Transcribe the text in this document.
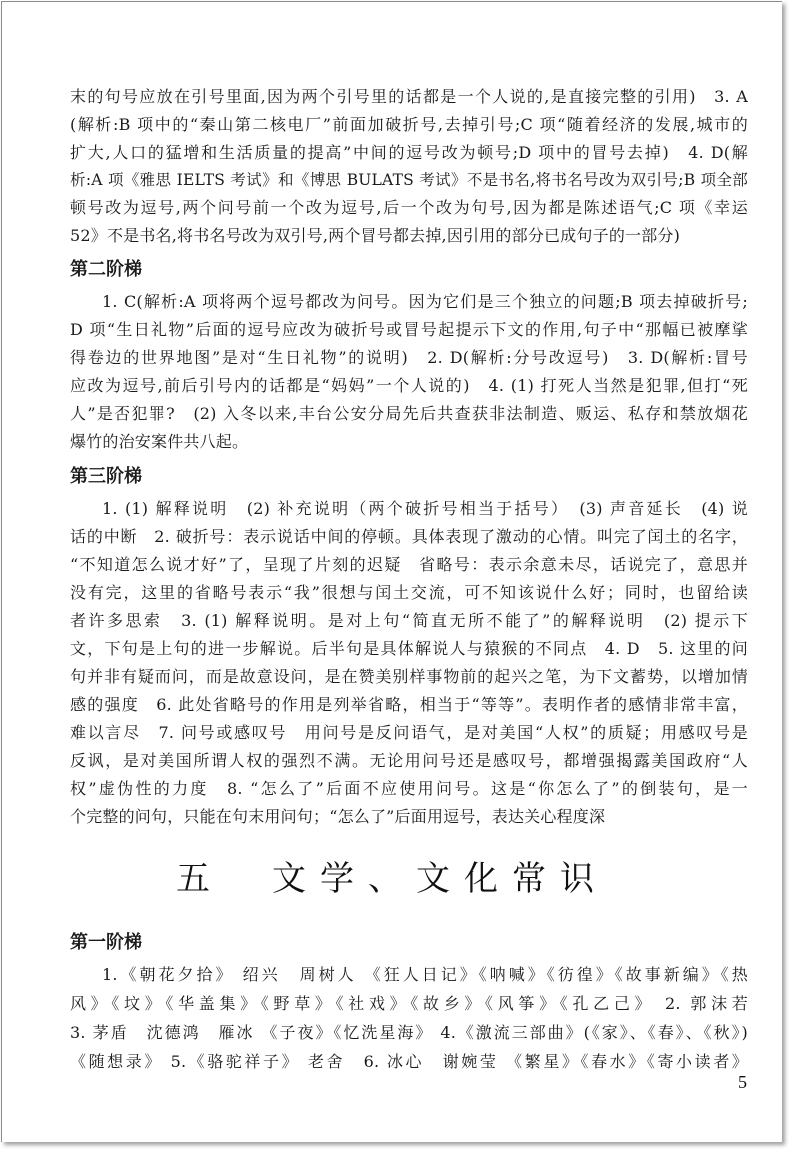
末的句号应放在引号里面,因为两个引号里的话都是一个人说的,是直接完整的引用)　3. A
(解析:B 项中的“秦山第二核电厂”前面加破折号,去掉引号;C 项“随着经济的发展,城市的
扩大,人口的猛增和生活质量的提高”中间的逗号改为顿号;D 项中的冒号去掉)　4. D(解
析:A 项《雅思 IELTS 考试》和《博思 BULATS 考试》不是书名,将书名号改为双引号;B 项全部
顿号改为逗号,两个问号前一个改为逗号,后一个改为句号,因为都是陈述语气;C 项《幸运
52》不是书名,将书名号改为双引号,两个冒号都去掉,因引用的部分已成句子的一部分)
第二阶梯
1. C(解析:A 项将两个逗号都改为问号。因为它们是三个独立的问题;B 项去掉破折号;
D 项“生日礼物”后面的逗号应改为破折号或冒号起提示下文的作用,句子中“那幅已被摩挲
得卷边的世界地图”是对“生日礼物”的说明)　2. D(解析:分号改逗号)　3. D(解析:冒号
应改为逗号,前后引号内的话都是“妈妈”一个人说的)　4. (1) 打死人当然是犯罪,但打“死
人”是否犯罪?　(2) 入冬以来,丰台公安分局先后共查获非法制造、贩运、私存和禁放烟花
爆竹的治安案件共八起。
第三阶梯
1. (1) 解释说明　(2) 补充说明（两个破折号相当于括号）　(3) 声音延长　(4) 说
话的中断　2. 破折号：表示说话中间的停顿。具体表现了激动的心情。叫完了闰土的名字，
“不知道怎么说才好”了，呈现了片刻的迟疑　省略号：表示余意未尽，话说完了，意思并
没有完，这里的省略号表示“我”很想与闰土交流，可不知该说什么好；同时，也留给读
者许多思索　3. (1) 解释说明。是对上句“简直无所不能了”的解释说明　(2) 提示下
文，下句是上句的进一步解说。后半句是具体解说人与猿猴的不同点　4. D　5. 这里的问
句并非有疑而问，而是故意设问，是在赞美别样事物前的起兴之笔，为下文蓄势，以增加情
感的强度　6. 此处省略号的作用是列举省略，相当于“等等”。表明作者的感情非常丰富，
难以言尽　7. 问号或感叹号　用问号是反问语气，是对美国“人权”的质疑；用感叹号是
反讽，是对美国所谓人权的强烈不满。无论用问号还是感叹号，都增强揭露美国政府“人
权”虚伪性的力度　8. “怎么了”后面不应使用问号。这是“你怎么了”的倒装句，是一
个完整的问句，只能在句末用问句；“怎么了”后面用逗号，表达关心程度深
五　文学、文化常识
第一阶梯
1.《朝花夕拾》 绍兴　周树人 《狂人日记》《呐喊》《彷徨》《故事新编》《热
风》《坟》《华盖集》《野草》《社戏》《故乡》《风筝》《孔乙己》 2. 郭沫若
3. 茅盾　沈德鸿　雁冰 《子夜》《忆洗星海》 4.《激流三部曲》(《家》、《春》、《秋》)
《随想录》 5.《骆驼祥子》 老舍　6. 冰心　谢婉莹 《繁星》《春水》《寄小读者》
5
